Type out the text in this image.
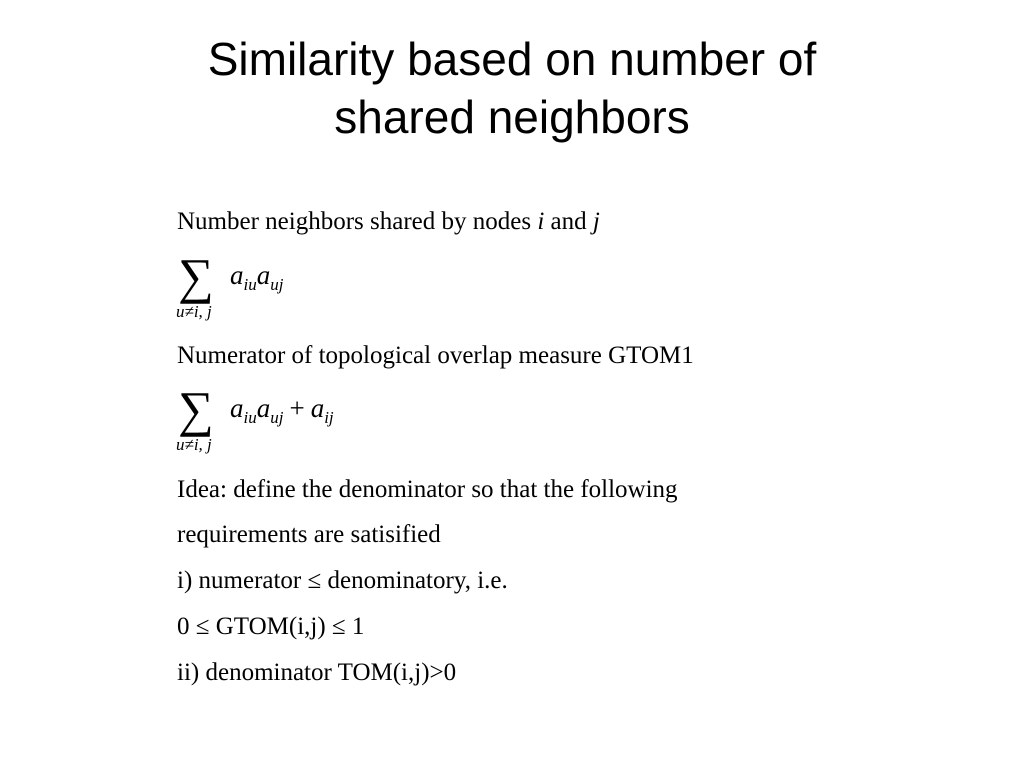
Similarity based on number of
shared neighbors
Number neighbors shared by nodes i and j
∑
u≠i, j
$a_{iu}a_{uj}$
Numerator of topological overlap measure GTOM1
∑
u≠i, j
$a_{iu}a_{uj} + a_{ij}$
Idea: define the denominator so that the following
requirements are satisified
i) numerator ≤ denominatory, i.e.
0 ≤ GTOM(i,j) ≤ 1
ii) denominator TOM(i,j)>0
